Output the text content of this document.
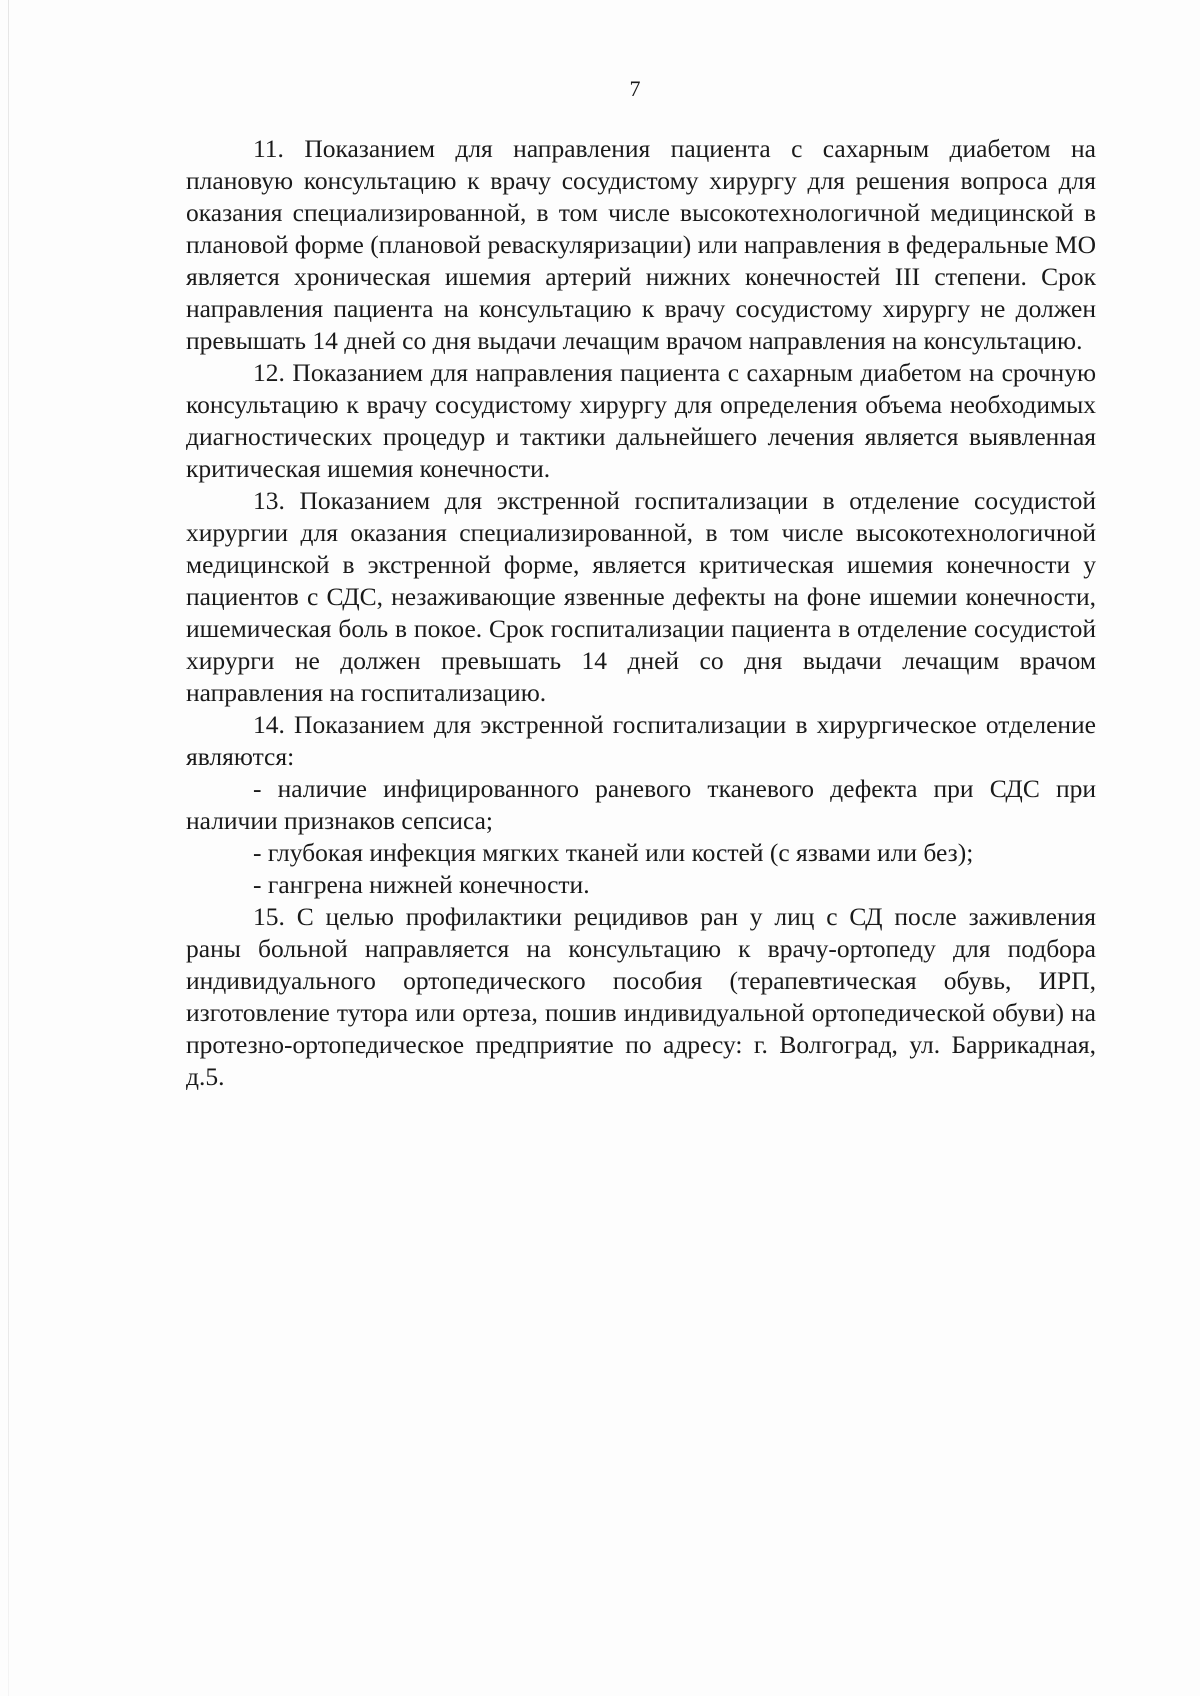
7

11. Показанием для направления пациента с сахарным диабетом на плановую консультацию к врачу сосудистому хирургу для решения вопроса для оказания специализированной, в том числе высокотехнологичной медицинской в плановой форме (плановой реваскуляризации) или направления в федеральные МО является хроническая ишемия артерий нижних конечностей III степени. Срок направления пациента на консультацию к врачу сосудистому хирургу не должен превышать 14 дней со дня выдачи лечащим врачом направления на консультацию.

12. Показанием для направления пациента с сахарным диабетом на срочную консультацию к врачу сосудистому хирургу для определения объема необходимых диагностических процедур и тактики дальнейшего лечения является выявленная критическая ишемия конечности.

13. Показанием для экстренной госпитализации в отделение сосудистой хирургии для оказания специализированной, в том числе высокотехнологичной медицинской в экстренной форме, является критическая ишемия конечности у пациентов с СДС, незаживающие язвенные дефекты на фоне ишемии конечности, ишемическая боль в покое. Срок госпитализации пациента в отделение сосудистой хирурги не должен превышать 14 дней со дня выдачи лечащим врачом направления на госпитализацию.

14. Показанием для экстренной госпитализации в хирургическое отделение являются:

- наличие инфицированного раневого тканевого дефекта при СДС при наличии признаков сепсиса;

- глубокая инфекция мягких тканей или костей (с язвами или без);

- гангрена нижней конечности.

15. С целью профилактики рецидивов ран у лиц с СД после заживления раны больной направляется на консультацию к врачу-ортопеду для подбора индивидуального ортопедического пособия (терапевтическая обувь, ИРП, изготовление тутора или ортеза, пошив индивидуальной ортопедической обуви) на протезно-ортопедическое предприятие по адресу: г. Волгоград, ул. Баррикадная, д.5.
